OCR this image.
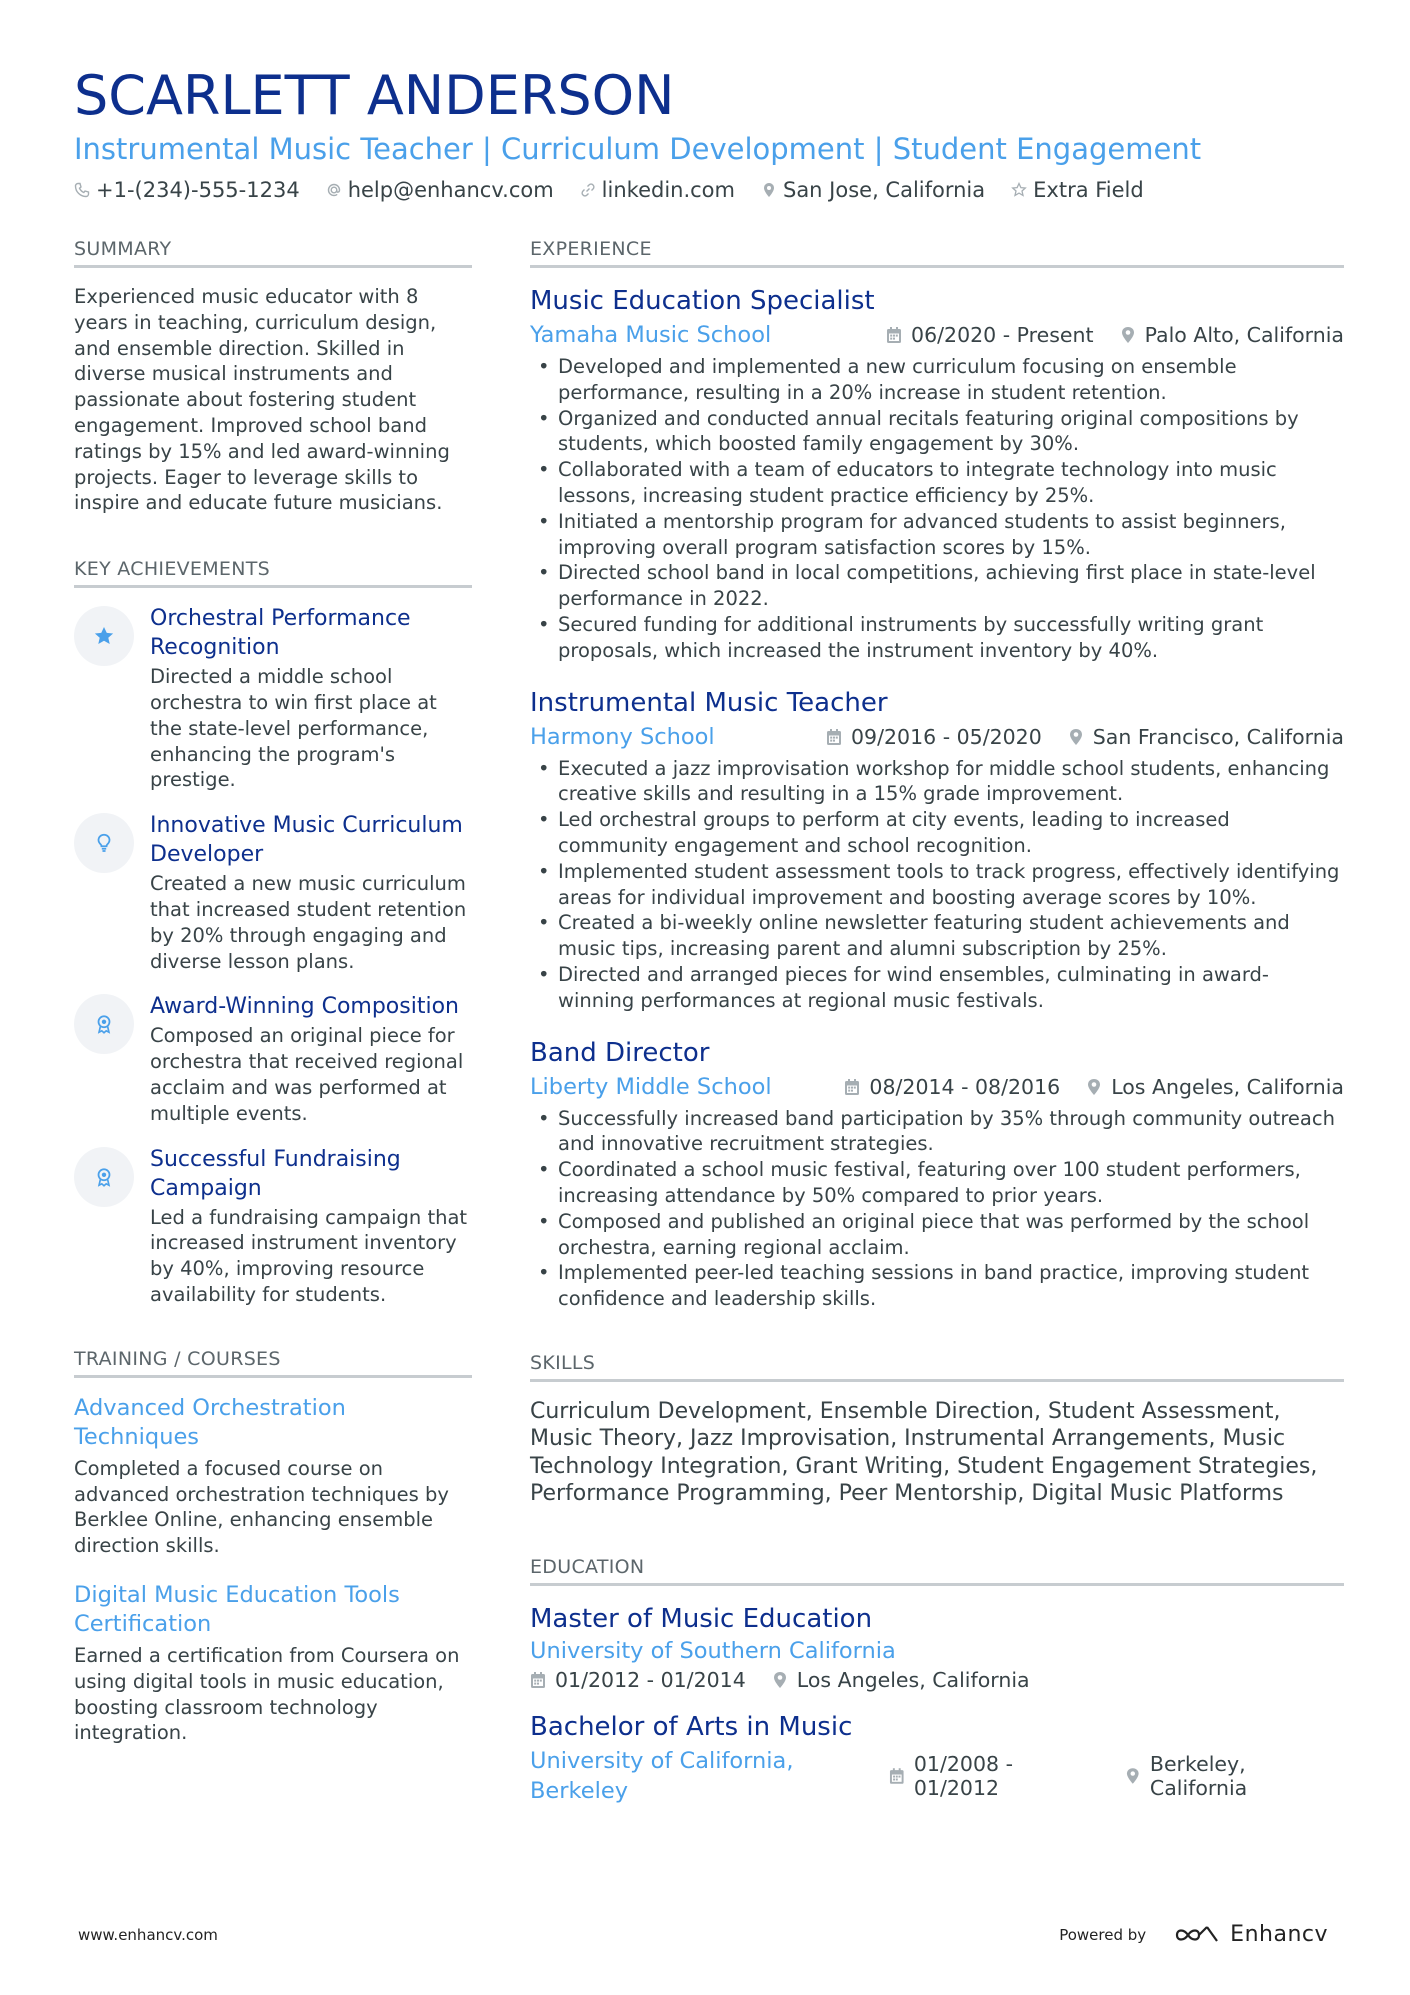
SCARLETT ANDERSON
Instrumental Music Teacher | Curriculum Development | Student Engagement
+1-(234)-555-1234 help@enhancv.com linkedin.com San Jose, California Extra Field
SUMMARY
Experienced music educator with 8 years in teaching, curriculum design, and ensemble direction. Skilled in diverse musical instruments and passionate about fostering student engagement. Improved school band ratings by 15% and led award-winning projects. Eager to leverage skills to inspire and educate future musicians.
KEY ACHIEVEMENTS
Orchestral Performance Recognition
Directed a middle school orchestra to win first place at the state-level performance, enhancing the program's prestige.
Innovative Music Curriculum Developer
Created a new music curriculum that increased student retention by 20% through engaging and diverse lesson plans.
Award-Winning Composition
Composed an original piece for orchestra that received regional acclaim and was performed at multiple events.
Successful Fundraising Campaign
Led a fundraising campaign that increased instrument inventory by 40%, improving resource availability for students.
TRAINING / COURSES
Advanced Orchestration Techniques
Completed a focused course on advanced orchestration techniques by Berklee Online, enhancing ensemble direction skills.
Digital Music Education Tools Certification
Earned a certification from Coursera on using digital tools in music education, boosting classroom technology integration.
EXPERIENCE
Music Education Specialist
Yamaha Music School	06/2020 - Present Palo Alto, California
• Developed and implemented a new curriculum focusing on ensemble performance, resulting in a 20% increase in student retention.
• Organized and conducted annual recitals featuring original compositions by students, which boosted family engagement by 30%.
• Collaborated with a team of educators to integrate technology into music lessons, increasing student practice efficiency by 25%.
• Initiated a mentorship program for advanced students to assist beginners, improving overall program satisfaction scores by 15%.
• Directed school band in local competitions, achieving first place in state-level performance in 2022.
• Secured funding for additional instruments by successfully writing grant proposals, which increased the instrument inventory by 40%.
Instrumental Music Teacher
Harmony School	09/2016 - 05/2020 San Francisco, California
• Executed a jazz improvisation workshop for middle school students, enhancing creative skills and resulting in a 15% grade improvement.
• Led orchestral groups to perform at city events, leading to increased community engagement and school recognition.
• Implemented student assessment tools to track progress, effectively identifying areas for individual improvement and boosting average scores by 10%.
• Created a bi-weekly online newsletter featuring student achievements and music tips, increasing parent and alumni subscription by 25%.
• Directed and arranged pieces for wind ensembles, culminating in award-winning performances at regional music festivals.
Band Director
Liberty Middle School	08/2014 - 08/2016 Los Angeles, California
• Successfully increased band participation by 35% through community outreach and innovative recruitment strategies.
• Coordinated a school music festival, featuring over 100 student performers, increasing attendance by 50% compared to prior years.
• Composed and published an original piece that was performed by the school orchestra, earning regional acclaim.
• Implemented peer-led teaching sessions in band practice, improving student confidence and leadership skills.
SKILLS
Curriculum Development, Ensemble Direction, Student Assessment, Music Theory, Jazz Improvisation, Instrumental Arrangements, Music Technology Integration, Grant Writing, Student Engagement Strategies, Performance Programming, Peer Mentorship, Digital Music Platforms
EDUCATION
Master of Music Education
University of Southern California
01/2012 - 01/2014 Los Angeles, California
Bachelor of Arts in Music
University of California, Berkeley
01/2008 - 01/2012
Berkeley, California
www.enhancv.com	Powered by	Enhancv
